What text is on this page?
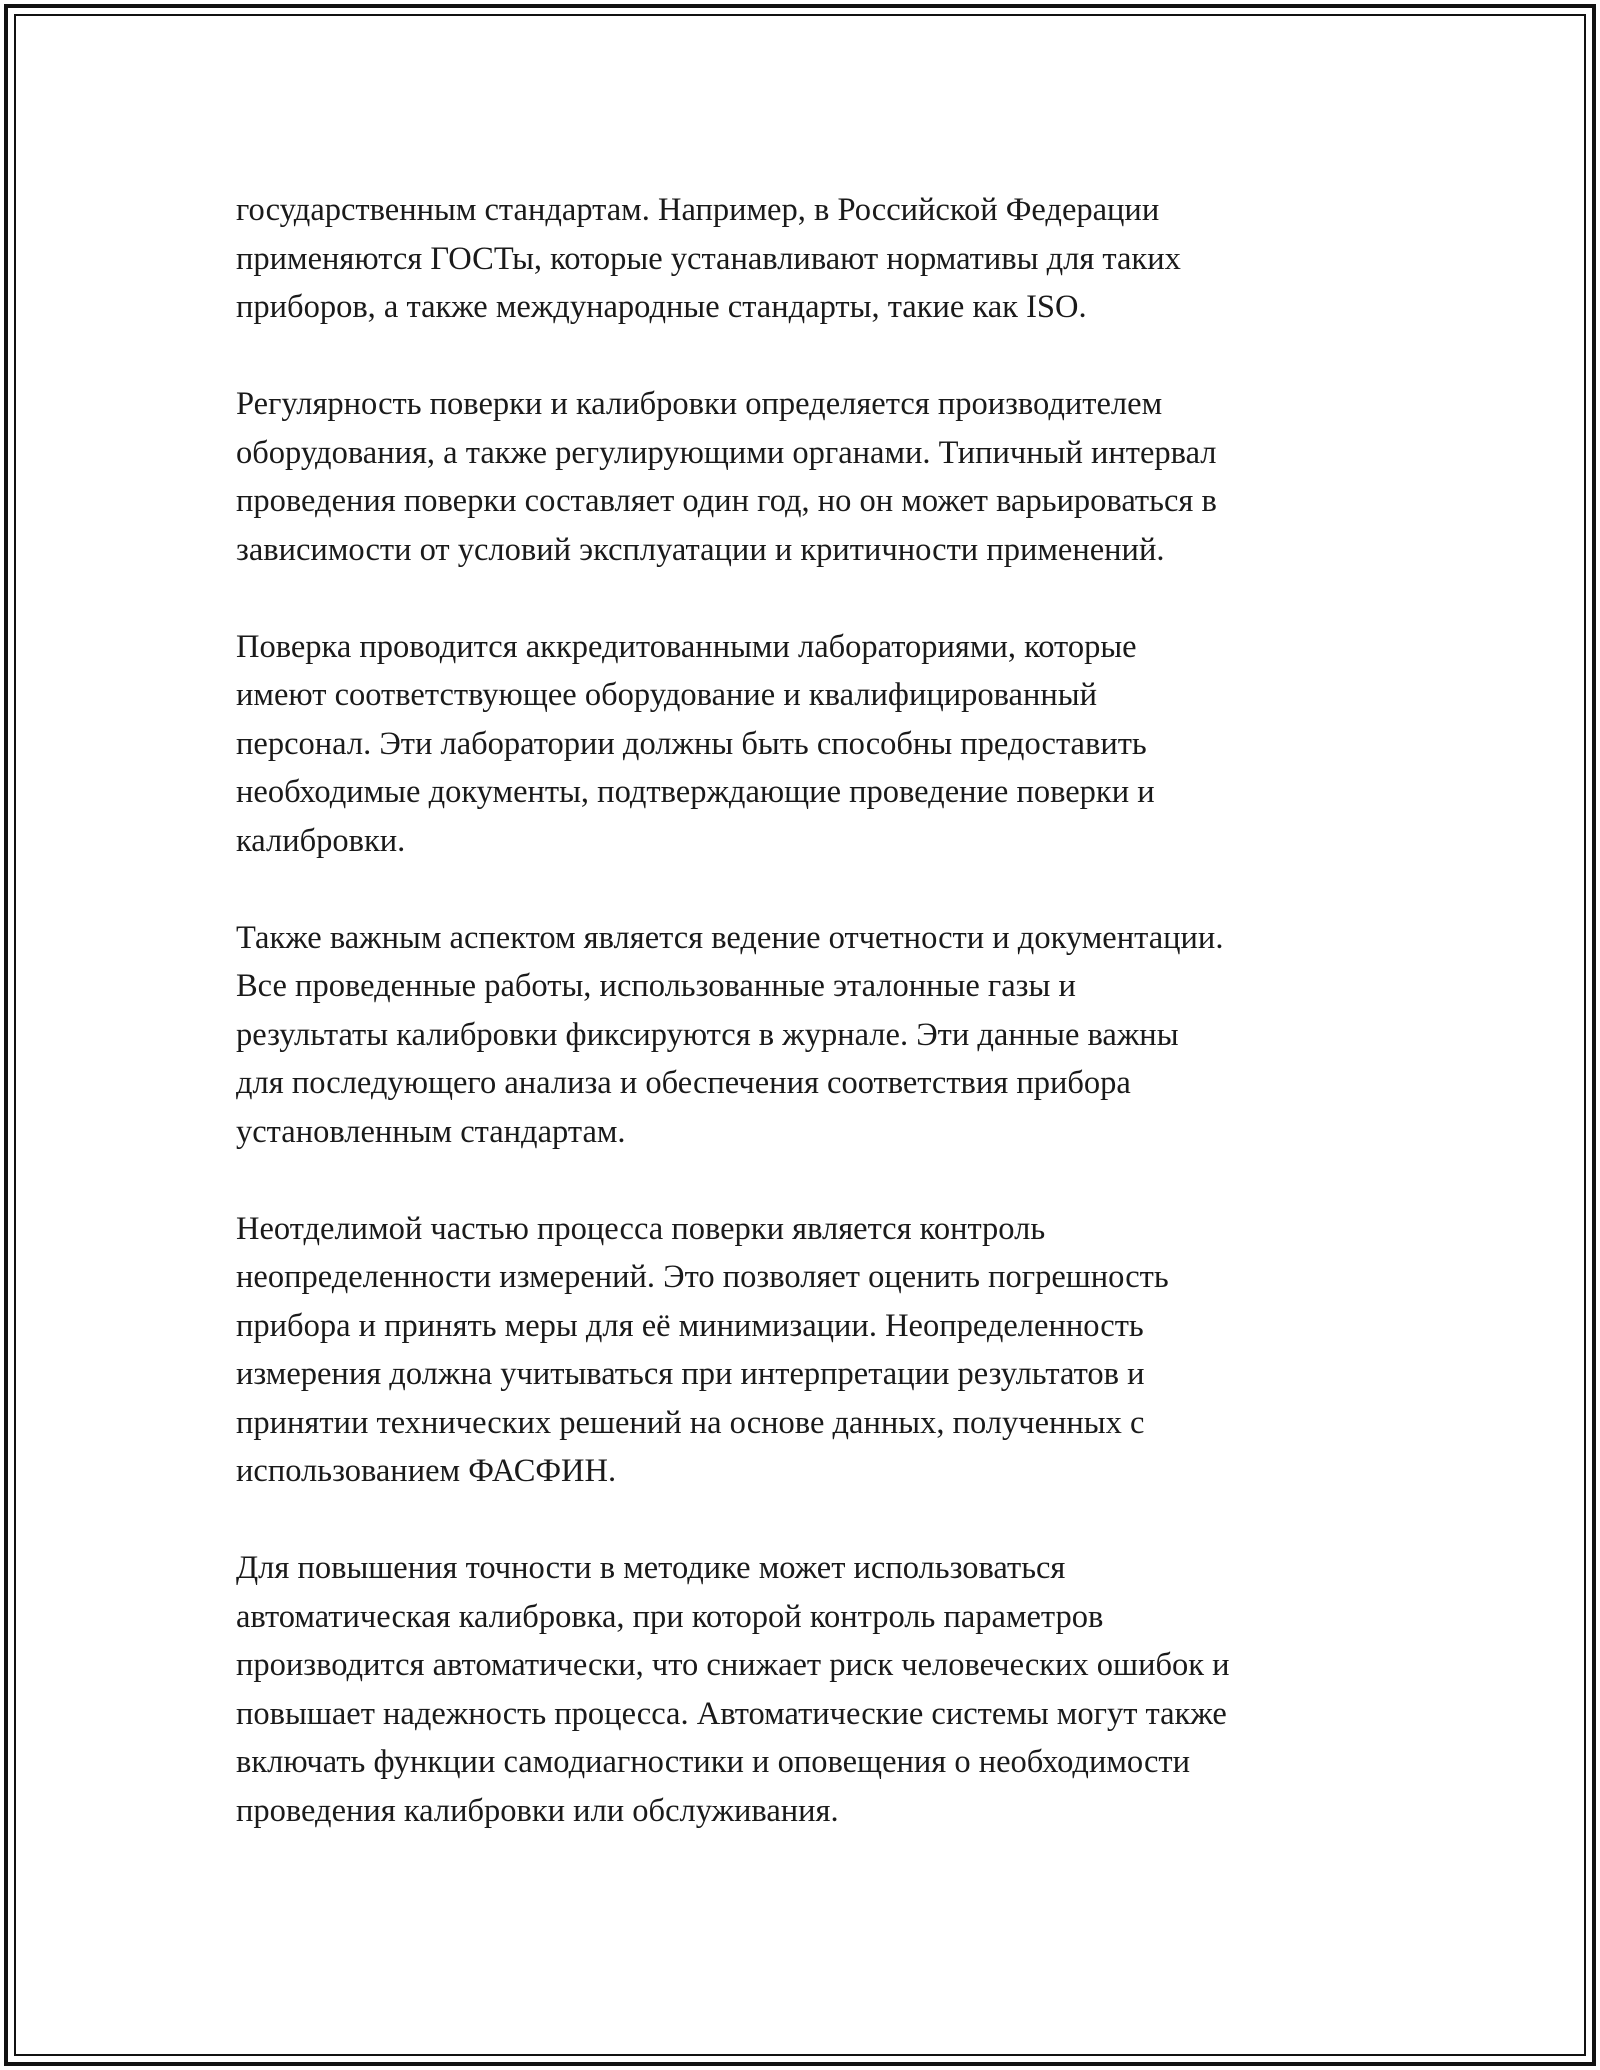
государственным стандартам. Например, в Российской Федерации
применяются ГОСТы, которые устанавливают нормативы для таких
приборов, а также международные стандарты, такие как ISO.

Регулярность поверки и калибровки определяется производителем
оборудования, а также регулирующими органами. Типичный интервал
проведения поверки составляет один год, но он может варьироваться в
зависимости от условий эксплуатации и критичности применений.

Поверка проводится аккредитованными лабораториями, которые
имеют соответствующее оборудование и квалифицированный
персонал. Эти лаборатории должны быть способны предоставить
необходимые документы, подтверждающие проведение поверки и
калибровки.

Также важным аспектом является ведение отчетности и документации.
Все проведенные работы, использованные эталонные газы и
результаты калибровки фиксируются в журнале. Эти данные важны
для последующего анализа и обеспечения соответствия прибора
установленным стандартам.

Неотделимой частью процесса поверки является контроль
неопределенности измерений. Это позволяет оценить погрешность
прибора и принять меры для её минимизации. Неопределенность
измерения должна учитываться при интерпретации результатов и
принятии технических решений на основе данных, полученных с
использованием ФАСФИН.

Для повышения точности в методике может использоваться
автоматическая калибровка, при которой контроль параметров
производится автоматически, что снижает риск человеческих ошибок и
повышает надежность процесса. Автоматические системы могут также
включать функции самодиагностики и оповещения о необходимости
проведения калибровки или обслуживания.
